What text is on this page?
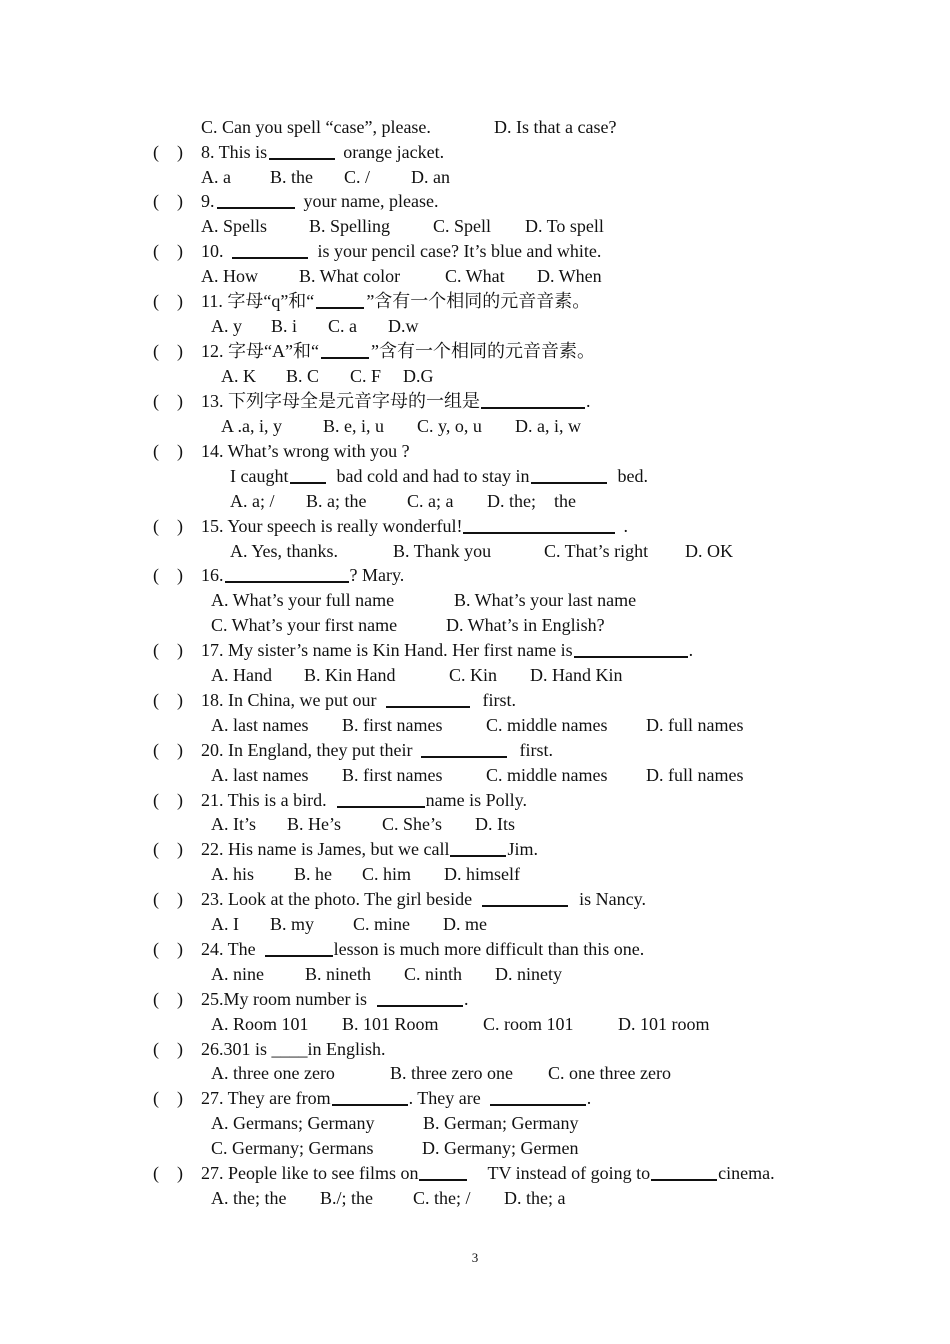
C. Can you spell “case”, please.	D. Is that a case?
(    ) 8. This is	orange jacket.
A. a B. the C. / D. an
(    ) 9.	your name, please.
A. Spells B. Spelling C. Spell D. To spell
(    ) 10.	is your pencil case? It’s blue and white.
A. How B. What color C. What D. When
(    ) 11. 字母“q”和“	”含有一个相同的元音音素。
A. y B. i C. a D.w
(    ) 12. 字母“A”和“	”含有一个相同的元音音素。
A. K B. C C. F D.G
(    ) 13. 下列字母全是元音字母的一组是	.
A .a, i, y B. e, i, u C. y, o, u D. a, i, w
(    ) 14. What’s wrong with you ?
I caught	bad cold and had to stay in	bed.
A. a; / B. a; the C. a; a D. the;    the
(    ) 15. Your speech is really wonderful!	.
A. Yes, thanks.	B. Thank you	C. That’s right D. OK
(    ) 16.	? Mary.
A. What’s your full name	B. What’s your last name
C. What’s your first name	D. What’s in English?
(    ) 17. My sister’s name is Kin Hand. Her first name is	.
A. Hand B. Kin Hand	C. Kin D. Hand Kin
(    ) 18. In China, we put our	first.
A. last names B. first names C. middle names D. full names
(    ) 20. In England, they put their	first.
A. last names B. first names C. middle names D. full names
(    ) 21. This is a bird.	name is Polly.
A. It’s B. He’s C. She’s D. Its
(    ) 22. His name is James, but we call	Jim.
A. his B. he C. him D. himself
(    ) 23. Look at the photo. The girl beside	is Nancy.
A. I B. my C. mine D. me
(    ) 24. The	lesson is much more difficult than this one.
A. nine B. nineth C. ninth D. ninety
(    ) 25.My room number is	.
A. Room 101 B. 101 Room C. room 101 D. 101 room
(    ) 26.301 is ____in English.
A. three one zero	B. three zero one C. one three zero
(    ) 27. They are from	. They are	.
A. Germans; Germany	B. German; Germany
C. Germany; Germans	D. Germany; Germen
(    ) 27. People like to see films on	TV instead of going to	cinema.
A. the; the B./; the C. the; / D. the; a
3
